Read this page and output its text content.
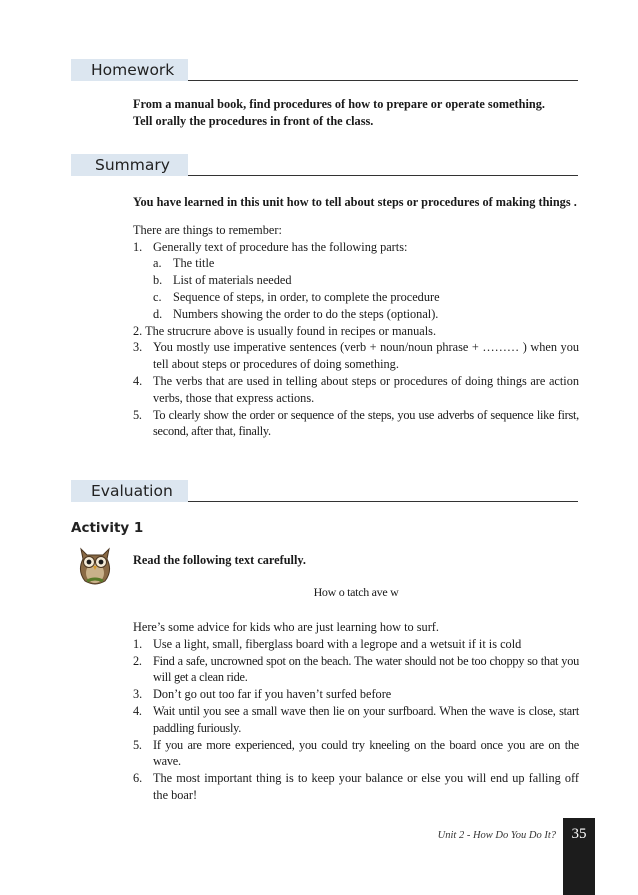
Homework

From a manual book, find procedures of how to prepare or operate something.

Tell orally the procedures in front of the class.

Summary

You have learned in this unit how to tell about steps or procedures of making things .

There are things to remember:

1. Generally text of procedure has the following parts:
a. The title
b. List of materials needed
c. Sequence of steps, in order, to complete the procedure
d. Numbers showing the order to do the steps (optional).
2. The strucrure above is usually found in recipes or manuals.
3. You mostly use imperative sentences (verb + noun/noun phrase + ……… ) when you tell about steps or procedures of doing something.
4. The verbs that are used in telling about steps or procedures of doing things are action verbs, those that express actions.
5. To clearly show the order or sequence of the steps, you use adverbs of sequence like first, second, after that, finally.
Evaluation
Activity 1

Read the following text carefully.

How o tatch ave w

Here’s some advice for kids who are just learning how to surf.

1. Use a light, small, fiberglass board with a legrope and a wetsuit if it is cold
2. Find a safe, uncrowned spot on the beach. The water should not be too choppy so that you will get a clean ride.
3. Don’t go out too far if you haven’t surfed before
4. Wait until you see a small wave then lie on your surfboard. When the wave is close, start paddling furiously.
5. If you are more experienced, you could try kneeling on the board once you are on the wave.
6. The most important thing is to keep your balance or else you will end up falling off the boar!
Unit 2 - How Do You Do It?	35
